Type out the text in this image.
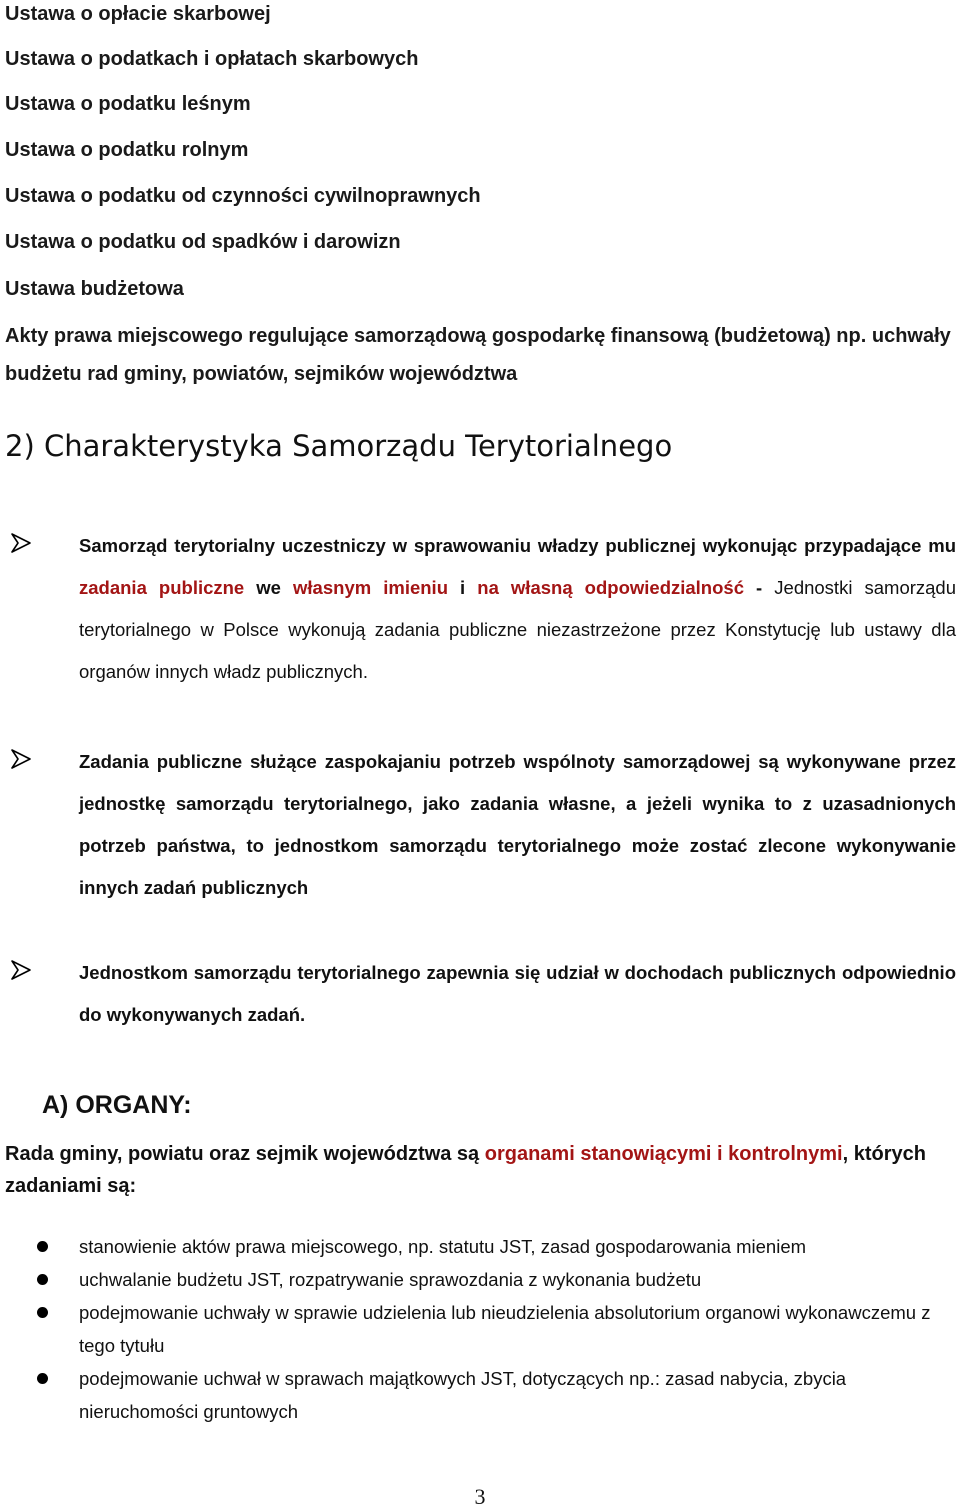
Ustawa o opłacie skarbowej

Ustawa o podatkach i opłatach skarbowych

Ustawa o podatku leśnym

Ustawa o podatku rolnym

Ustawa o podatku od czynności cywilnoprawnych

Ustawa o podatku od spadków i darowizn

Ustawa budżetowa

Akty prawa miejscowego regulujące samorządową gospodarkę finansową (budżetową) np. uchwały budżetu rad gminy, powiatów, sejmików województwa

2) Charakterystyka Samorządu Terytorialnego

Samorząd terytorialny uczestniczy w sprawowaniu władzy publicznej wykonując przypadające mu zadania publiczne we własnym imieniu i na własną odpowiedzialność - Jednostki samorządu terytorialnego w Polsce wykonują zadania publiczne niezastrzeżone przez Konstytucję lub ustawy dla organów innych władz publicznych.

Zadania publiczne służące zaspokajaniu potrzeb wspólnoty samorządowej są wykonywane przez jednostkę samorządu terytorialnego, jako zadania własne, a jeżeli wynika to z uzasadnionych potrzeb państwa, to jednostkom samorządu terytorialnego może zostać zlecone wykonywanie innych zadań publicznych

Jednostkom samorządu terytorialnego zapewnia się udział w dochodach publicznych odpowiednio do wykonywanych zadań.

A) ORGANY:

Rada gminy, powiatu oraz sejmik województwa są organami stanowiącymi i kontrolnymi, których zadaniami są:

stanowienie aktów prawa miejscowego, np. statutu JST, zasad gospodarowania mieniem
uchwalanie budżetu JST, rozpatrywanie sprawozdania z wykonania budżetu
podejmowanie uchwały w sprawie udzielenia lub nieudzielenia absolutorium organowi wykonawczemu z tego tytułu
podejmowanie uchwał w sprawach majątkowych JST, dotyczących np.: zasad nabycia, zbycia nieruchomości gruntowych

3
